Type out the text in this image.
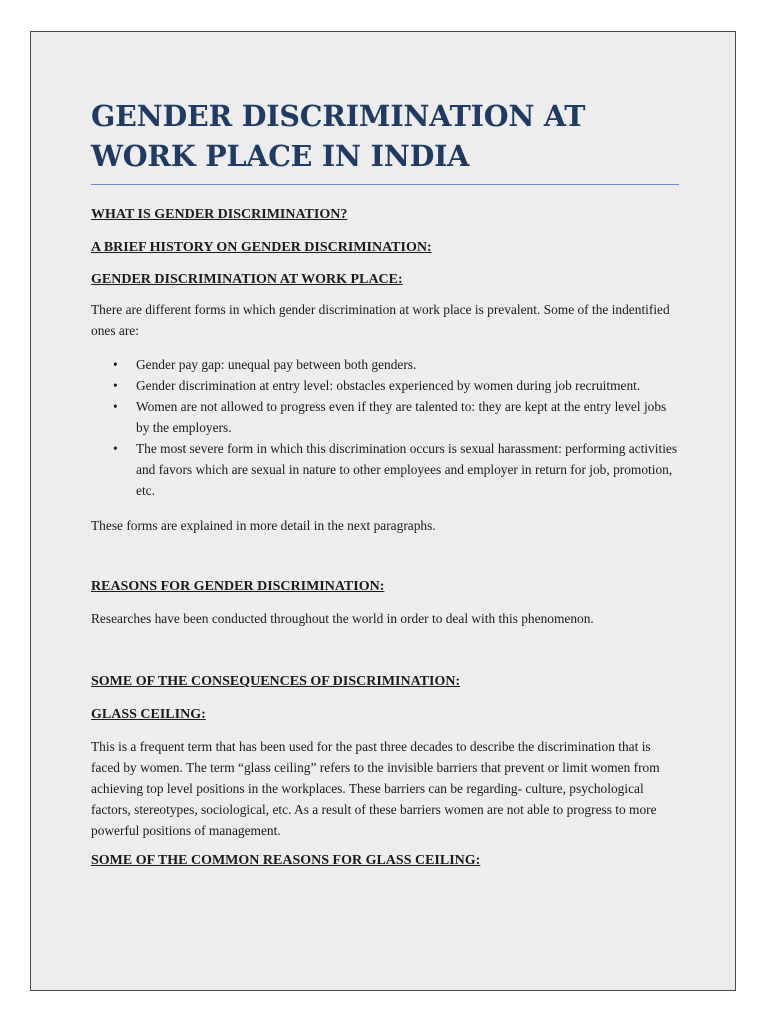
GENDER DISCRIMINATION AT WORK PLACE IN INDIA

WHAT IS GENDER DISCRIMINATION?

A BRIEF HISTORY ON GENDER DISCRIMINATION:

GENDER DISCRIMINATION AT WORK PLACE:

There are different forms in which gender discrimination at work place is prevalent. Some of the indentified ones are:

• Gender pay gap: unequal pay between both genders.
• Gender discrimination at entry level: obstacles experienced by women during job recruitment.
• Women are not allowed to progress even if they are talented to: they are kept at the entry level jobs by the employers.
• The most severe form in which this discrimination occurs is sexual harassment: performing activities and favors which are sexual in nature to other employees and employer in return for job, promotion, etc.

These forms are explained in more detail in the next paragraphs.

REASONS FOR GENDER DISCRIMINATION:

Researches have been conducted throughout the world in order to deal with this phenomenon.

SOME OF THE CONSEQUENCES OF DISCRIMINATION:

GLASS CEILING:

This is a frequent term that has been used for the past three decades to describe the discrimination that is faced by women. The term “glass ceiling” refers to the invisible barriers that prevent or limit women from achieving top level positions in the workplaces. These barriers can be regarding- culture, psychological factors, stereotypes, sociological, etc. As a result of these barriers women are not able to progress to more powerful positions of management.

SOME OF THE COMMON REASONS FOR GLASS CEILING:
